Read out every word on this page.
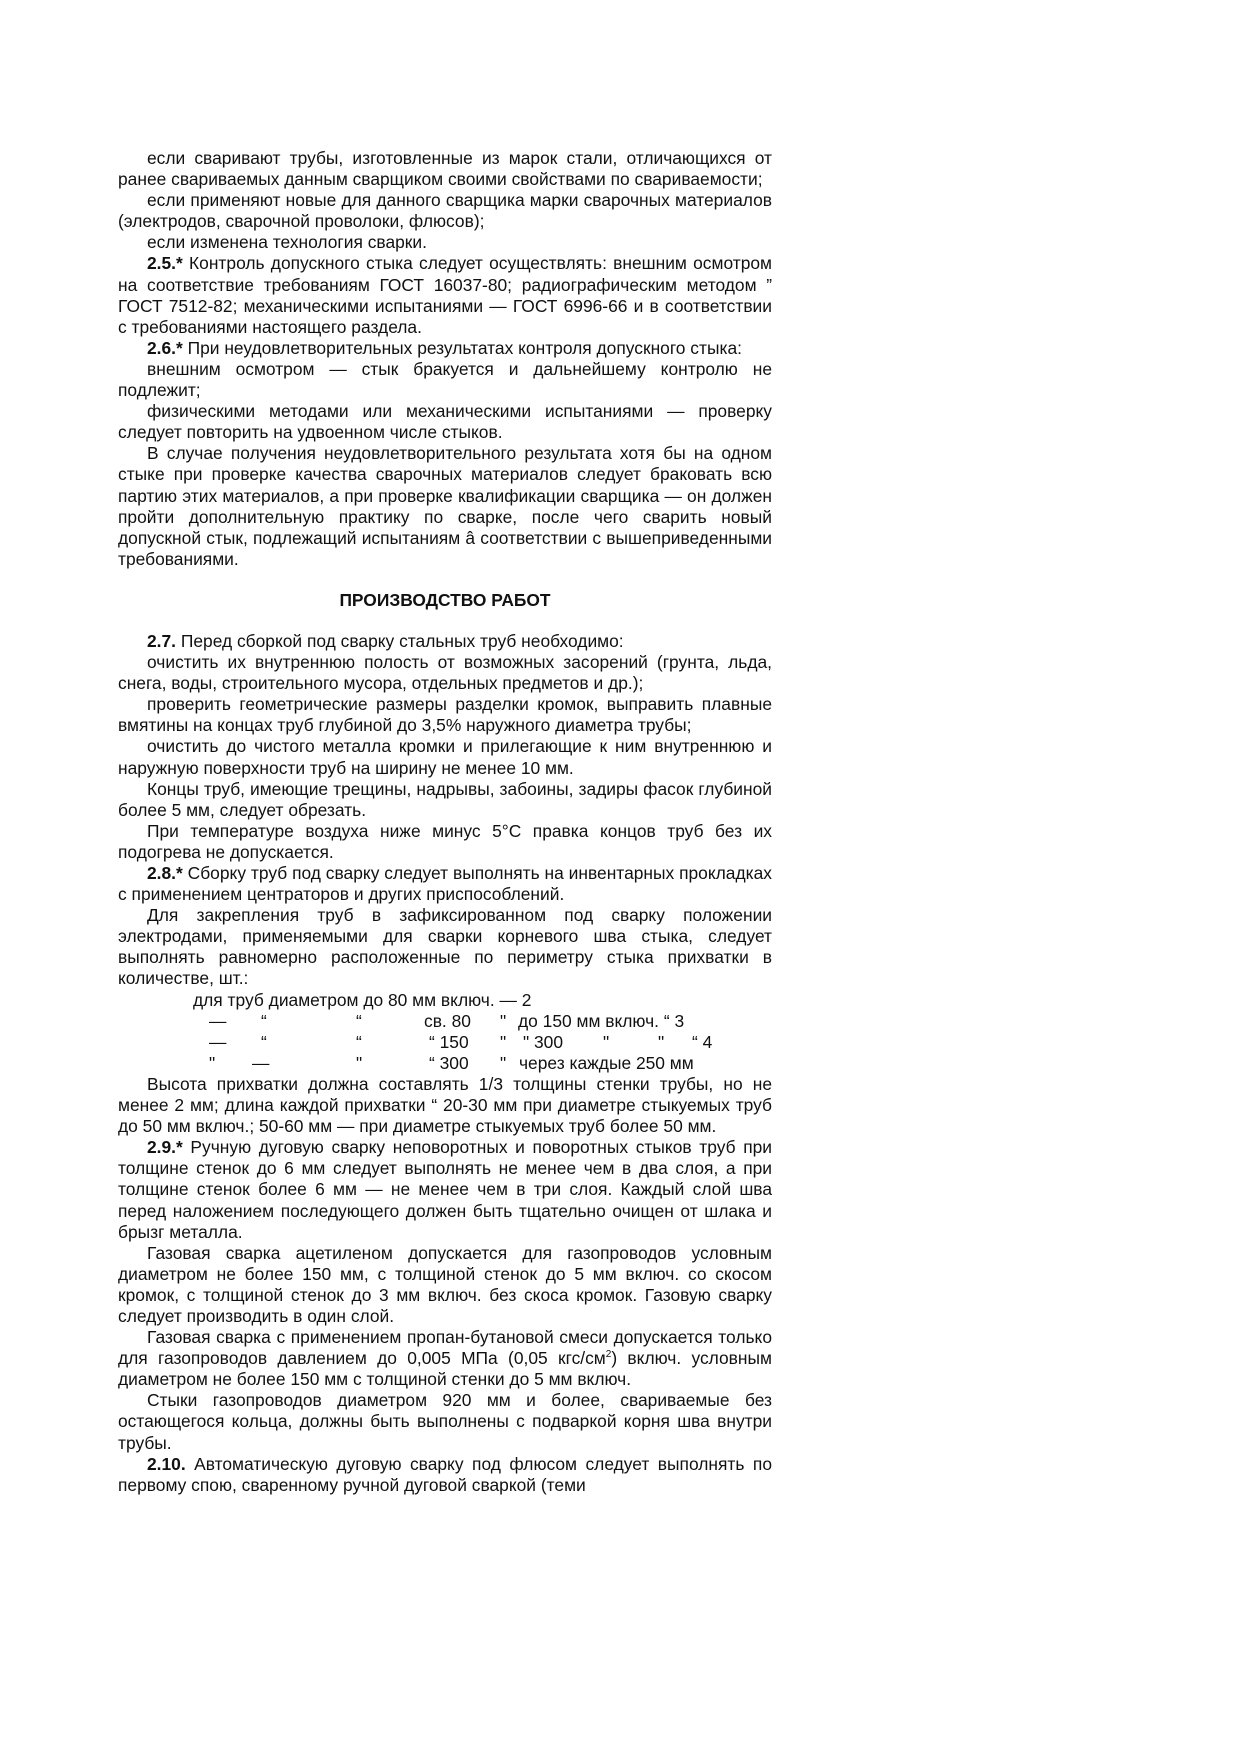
если сваривают трубы, изготовленные из марок стали, отличающихся от ранее свариваемых данным сварщиком своими свойствами по свариваемости;

если применяют новые для данного сварщика марки сварочных материалов (электродов, сварочной проволоки, флюсов);

если изменена технология сварки.

2.5.* Контроль допускного стыка следует осуществлять: внешним осмотром на соответствие требованиям ГОСТ 16037-80; радиографическим методом ” ГОСТ 7512-82; механическими испытаниями — ГОСТ 6996-66 и в соответствии с требованиями настоящего раздела.

2.6.* При неудовлетворительных результатах контроля допускного стыка:

внешним осмотром — стык бракуется и дальнейшему контролю не подлежит;

физическими методами или механическими испытаниями — проверку следует повторить на удвоенном числе стыков.

В случае получения неудовлетворительного результата хотя бы на одном стыке при проверке качества сварочных материалов следует браковать всю партию этих материалов, а при проверке квалификации сварщика — он должен пройти дополнительную практику по сварке, после чего сварить новый допускной стык, подлежащий испытаниям â соответствии с вышеприведенными требованиями.

ПРОИЗВОДСТВО РАБОТ

2.7. Перед сборкой под сварку стальных труб необходимо:

очистить их внутреннюю полость от возможных засорений (грунта, льда, снега, воды, строительного мусора, отдельных предметов и др.);

проверить геометрические размеры разделки кромок, выправить плавные вмятины на концах труб глубиной до 3,5% наружного диаметра трубы;

очистить до чистого металла кромки и прилегающие к ним внутреннюю и наружную поверхности труб на ширину не менее 10 мм.

Концы труб, имеющие трещины, надрывы, забоины, задиры фасок глубиной более 5 мм, следует обрезать.

При температуре воздуха ниже минус 5°С правка концов труб без их подогрева не допускается.

2.8.* Сборку труб под сварку следует выполнять на инвентарных прокладках с применением центраторов и других приспособлений.

Для закрепления труб в зафиксированном под сварку положении электродами, применяемыми для сварки корневого шва стыка, следует выполнять равномерно расположенные по периметру стыка прихватки в количестве, шт.:

для труб диаметром до 80 мм включ. — 2
— “	“	св. 80 " до 150 мм включ. “ 3
— “	“	“ 150 " " 300 "	" “ 4
" —	"	“ 300 " через каждые 250 мм

Высота прихватки должна составлять 1/3 толщины стенки трубы, но не менее 2 мм; длина каждой прихватки “ 20-30 мм при диаметре стыкуемых труб до 50 мм включ.; 50-60 мм — при диаметре стыкуемых труб более 50 мм.

2.9.* Ручную дуговую сварку неповоротных и поворотных стыков труб при толщине стенок до 6 мм следует выполнять не менее чем в два слоя, а при толщине стенок более 6 мм — не менее чем в три слоя. Каждый слой шва перед наложением последующего должен быть тщательно очищен от шлака и брызг металла.

Газовая сварка ацетиленом допускается для газопроводов условным диаметром не более 150 мм, с толщиной стенок до 5 мм включ. со скосом кромок, с толщиной стенок до 3 мм включ. без скоса кромок. Газовую сварку следует производить в один слой.

Газовая сварка с применением пропан-бутановой смеси допускается только для газопроводов давлением до 0,005 МПа (0,05 кгс/$см^2$) включ. условным диаметром не более 150 мм с толщиной стенки до 5 мм включ.

Стыки газопроводов диаметром 920 мм и более, свариваемые без остающегося кольца, должны быть выполнены с подваркой корня шва внутри трубы.

2.10. Автоматическую дуговую сварку под флюсом следует выполнять по первому спою, сваренному ручной дуговой сваркой (теми
